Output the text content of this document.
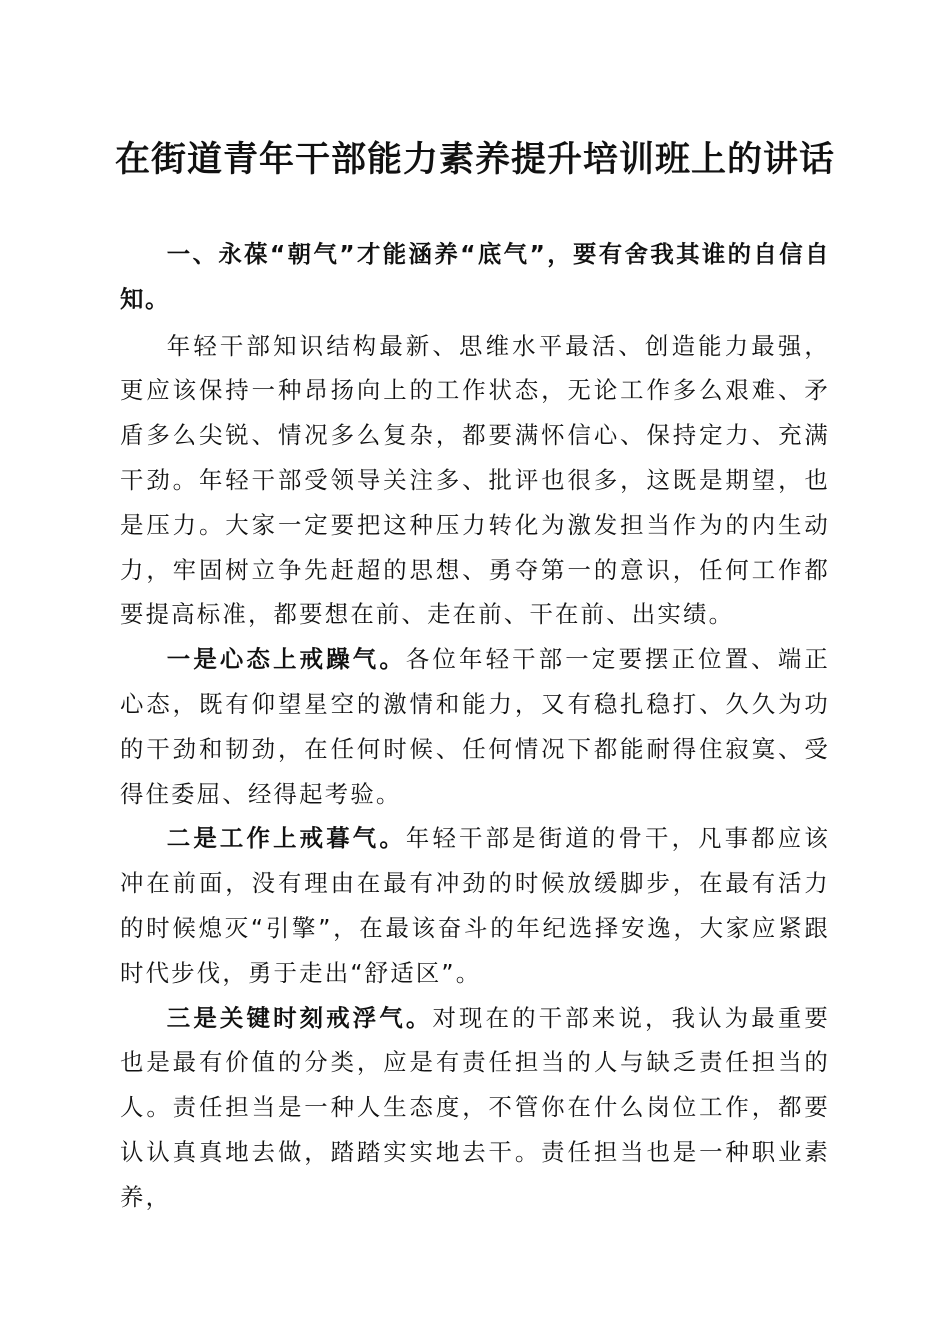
在街道青年干部能力素养提升培训班上的讲话

一、永葆“朝气”才能涵养“底气”，要有舍我其谁的自信自知。

年轻干部知识结构最新、思维水平最活、创造能力最强，更应该保持一种昂扬向上的工作状态，无论工作多么艰难、矛盾多么尖锐、情况多么复杂，都要满怀信心、保持定力、充满干劲。年轻干部受领导关注多、批评也很多，这既是期望，也是压力。大家一定要把这种压力转化为激发担当作为的内生动力，牢固树立争先赶超的思想、勇夺第一的意识，任何工作都要提高标准，都要想在前、走在前、干在前、出实绩。

一是心态上戒躁气。各位年轻干部一定要摆正位置、端正心态，既有仰望星空的激情和能力，又有稳扎稳打、久久为功的干劲和韧劲，在任何时候、任何情况下都能耐得住寂寞、受得住委屈、经得起考验。

二是工作上戒暮气。年轻干部是街道的骨干，凡事都应该冲在前面，没有理由在最有冲劲的时候放缓脚步，在最有活力的时候熄灭“引擎”，在最该奋斗的年纪选择安逸，大家应紧跟时代步伐，勇于走出“舒适区”。

三是关键时刻戒浮气。对现在的干部来说，我认为最重要也是最有价值的分类，应是有责任担当的人与缺乏责任担当的人。责任担当是一种人生态度，不管你在什么岗位工作，都要认认真真地去做，踏踏实实地去干。责任担当也是一种职业素养，
